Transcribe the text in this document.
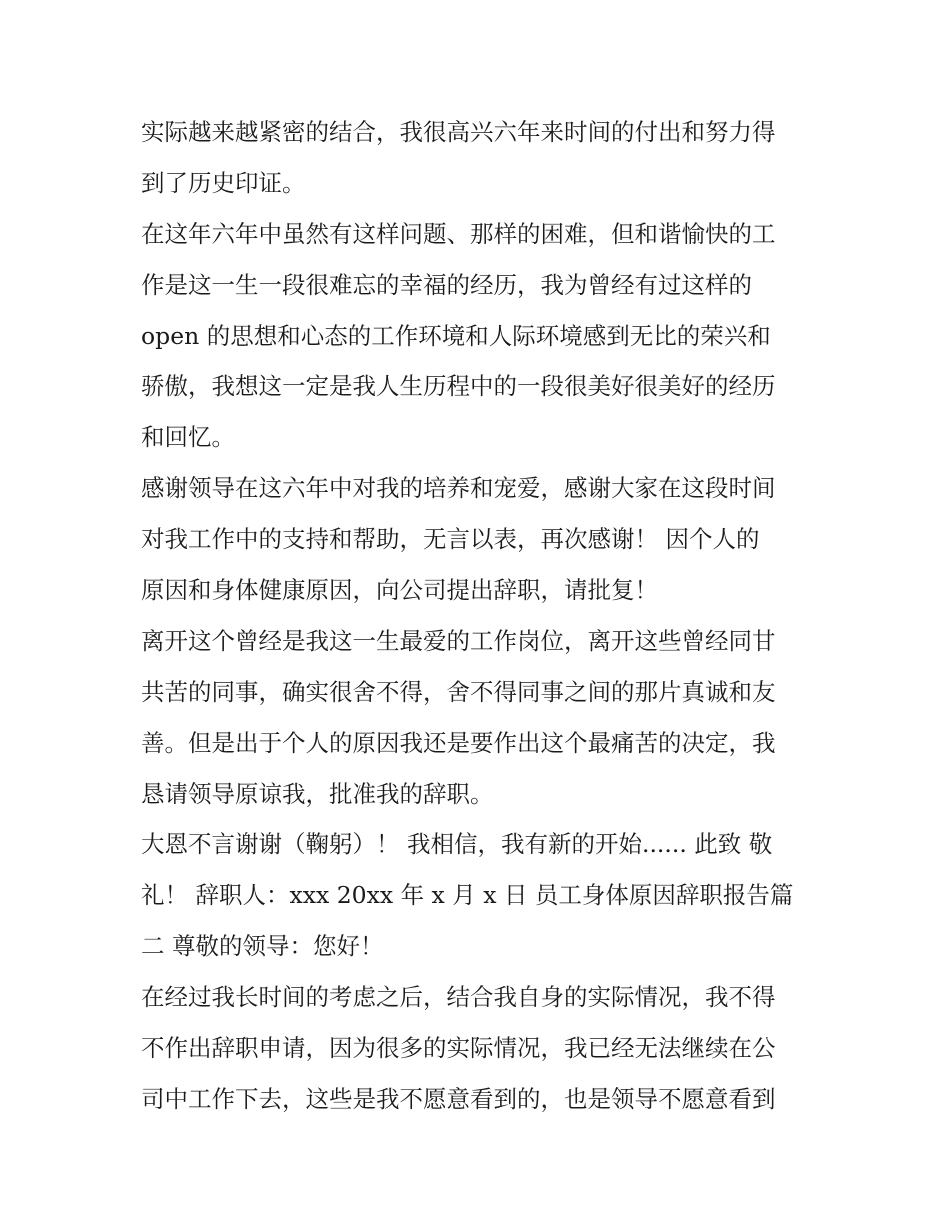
实际越来越紧密的结合，我很高兴六年来时间的付出和努力得
到了历史印证。
在这年六年中虽然有这样问题、那样的困难，但和谐愉快的工
作是这一生一段很难忘的幸福的经历，我为曾经有过这样的
open 的思想和心态的工作环境和人际环境感到无比的荣兴和
骄傲，我想这一定是我人生历程中的一段很美好很美好的经历
和回忆。
感谢领导在这六年中对我的培养和宠爱，感谢大家在这段时间
对我工作中的支持和帮助，无言以表，再次感谢！ 因个人的
原因和身体健康原因，向公司提出辞职，请批复！
离开这个曾经是我这一生最爱的工作岗位，离开这些曾经同甘
共苦的同事，确实很舍不得，舍不得同事之间的那片真诚和友
善。但是出于个人的原因我还是要作出这个最痛苦的决定，我
恳请领导原谅我，批准我的辞职。
大恩不言谢谢（鞠躬）！ 我相信，我有新的开始...... 此致 敬
礼！ 辞职人：xxx 20xx 年 x 月 x 日 员工身体原因辞职报告篇
二 尊敬的领导：您好！
在经过我长时间的考虑之后，结合我自身的实际情况，我不得
不作出辞职申请，因为很多的实际情况，我已经无法继续在公
司中工作下去，这些是我不愿意看到的，也是领导不愿意看到
